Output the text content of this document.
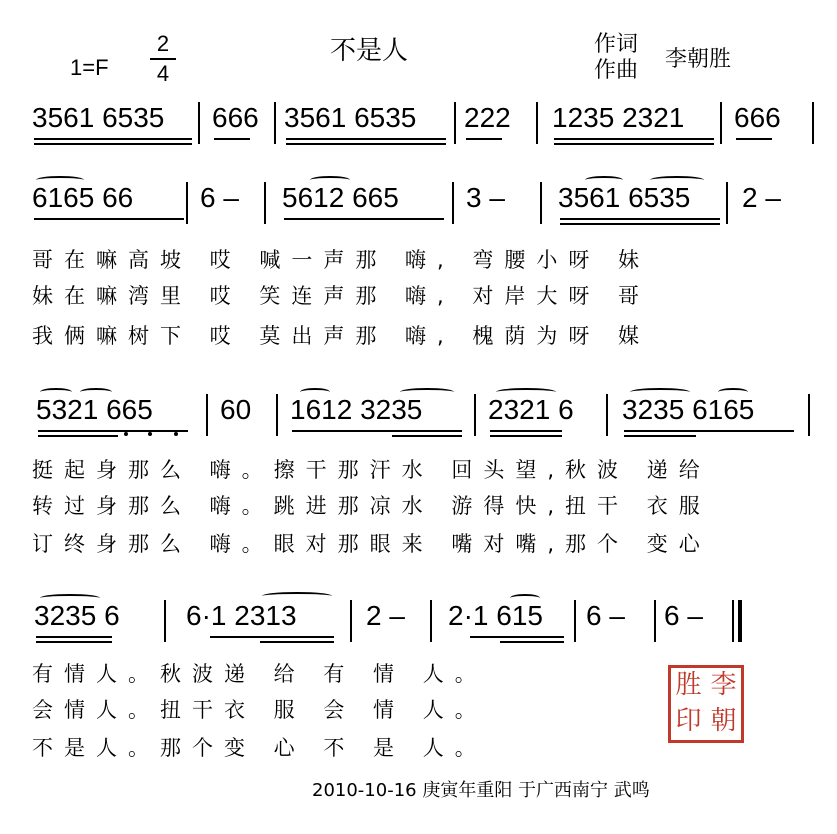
1=F
2
4
不是人	作词
作曲 李朝胜
3561 6535 666 3561 6535 222 1235 2321 666
6165 66 6 – 5612 665 3 – 3561 6535 2 –
哥在嘛高坡 哎 喊一声那 嗨, 弯腰小呀 妹
妹在嘛湾里 哎 笑连声那 嗨, 对岸大呀 哥
我俩嘛树下 哎 莫出声那 嗨, 槐荫为呀 媒
5321 665 60 1612 3235 2321 6 3235 6165
挺起身那么 嗨。擦干那汗水 回头望,秋波 递给
转过身那么 嗨。跳进那凉水 游得快,扭干 衣服
订终身那么 嗨。眼对那眼来 嘴对嘴,那个 变心
3235 6 6·1 2313 2 – 2·1 615 6 – 6 –
有情人。秋波递 给 有 情 人。
会情人。扭干衣 服 会 情 人。
不是人。那个变 心 不 是 人。
胜 李
印 朝
2010-10-16 庚寅年重阳 于广西南宁 武鸣
